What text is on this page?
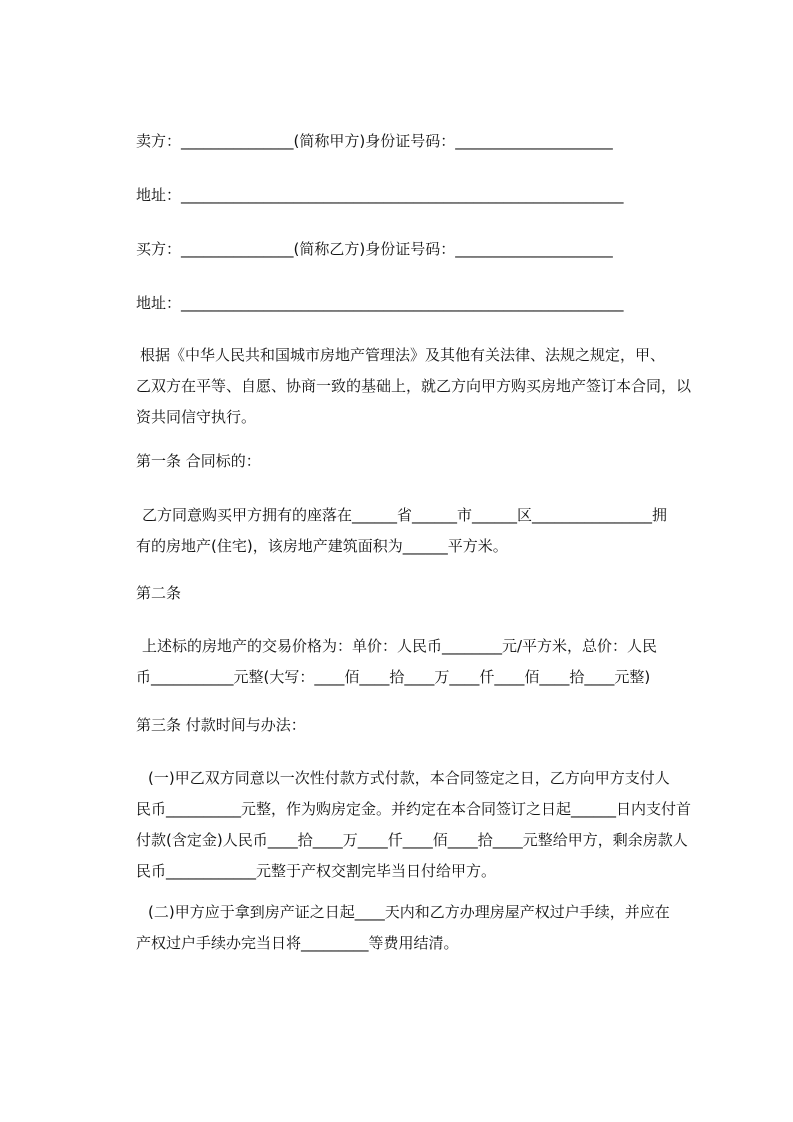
卖方：_______________(简称甲方)身份证号码：_____________________
地址：___________________________________________________________
买方：_______________(简称乙方)身份证号码：_____________________
地址：___________________________________________________________
根据《中华人民共和国城市房地产管理法》及其他有关法律、法规之规定，甲、
乙双方在平等、自愿、协商一致的基础上，就乙方向甲方购买房地产签订本合同，以
资共同信守执行。
第一条 合同标的：
乙方同意购买甲方拥有的座落在______省______市______区________________拥
有的房地产(住宅)，该房地产建筑面积为______平方米。
第二条
上述标的房地产的交易价格为：单价：人民币________元/平方米，总价：人民
币___________元整(大写：____佰____拾____万____仟____佰____拾____元整)
第三条 付款时间与办法：
(一)甲乙双方同意以一次性付款方式付款，本合同签定之日，乙方向甲方支付人
民币__________元整，作为购房定金。并约定在本合同签订之日起______日内支付首
付款(含定金)人民币____拾____万____仟____佰____拾____元整给甲方，剩余房款人
民币____________元整于产权交割完毕当日付给甲方。
(二)甲方应于拿到房产证之日起____天内和乙方办理房屋产权过户手续，并应在
产权过户手续办完当日将_________等费用结清。
